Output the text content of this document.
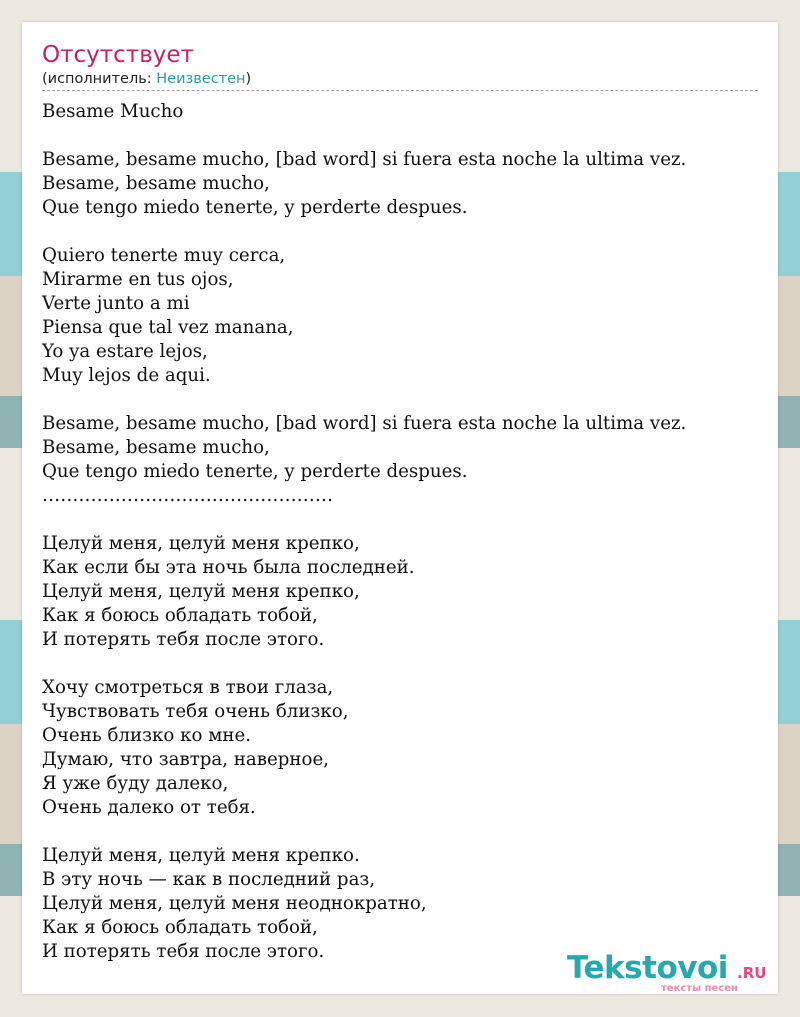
Отсутствует
(исполнитель: Неизвестен)
Besame Mucho
Besame, besame mucho, [bad word] si fuera esta noche la ultima vez.
Besame, besame mucho,
Que tengo miedo tenerte, y perderte despues.
Quiero tenerte muy cerca,
Mirarme en tus ojos,
Verte junto a mi
Piensa que tal vez manana,
Yo ya estare lejos,
Muy lejos de aqui.
Besame, besame mucho, [bad word] si fuera esta noche la ultima vez.
Besame, besame mucho,
Que tengo miedo tenerte, y perderte despues.
…………………………………………
Целуй меня, целуй меня крепко,
Как если бы эта ночь была последней.
Целуй меня, целуй меня крепко,
Как я боюсь обладать тобой,
И потерять тебя после этого.
Хочу смотреться в твои глаза,
Чувствовать тебя очень близко,
Очень близко ко мне.
Думаю, что завтра, наверное,
Я уже буду далеко,
Очень далеко от тебя.
Целуй меня, целуй меня крепко.
В эту ночь — как в последний раз,
Целуй меня, целуй меня неоднократно,
Как я боюсь обладать тобой,
И потерять тебя после этого.	Tekstovoi .RU
тексты песен
